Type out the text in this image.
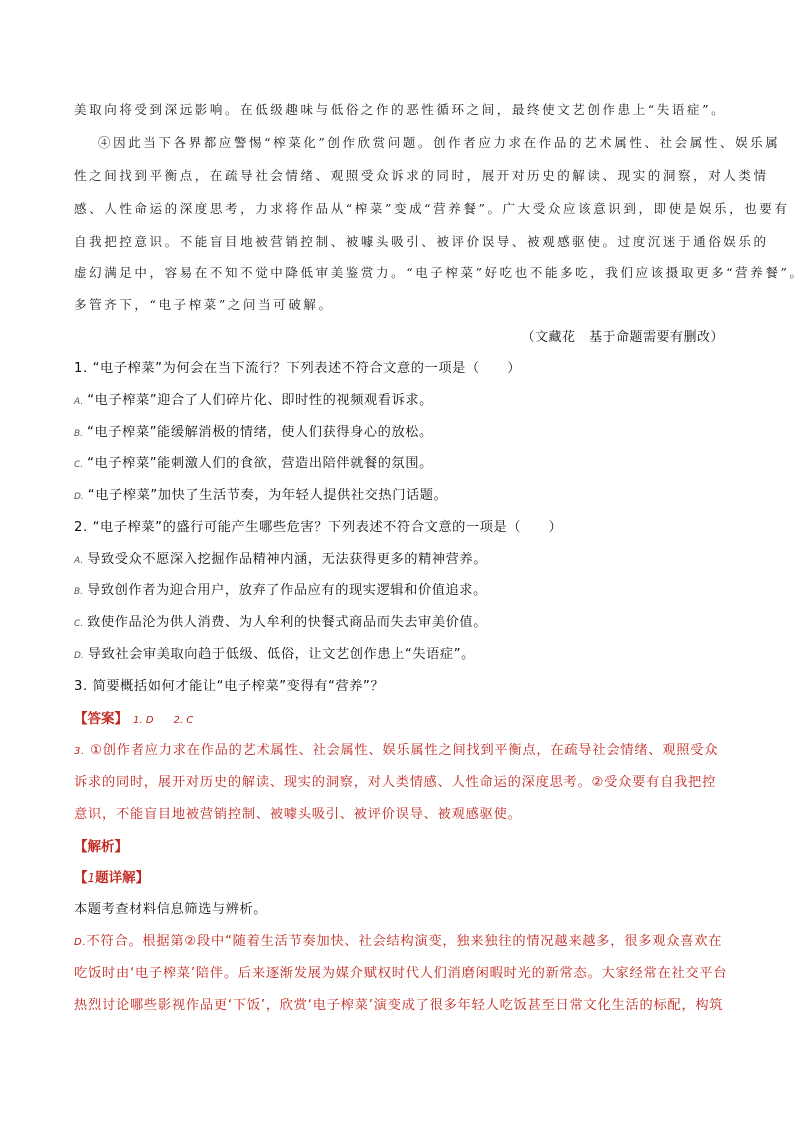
美取向将受到深远影响。在低级趣味与低俗之作的恶性循环之间，最终使文艺创作患上“失语症”。
④因此当下各界都应警惕“榨菜化”创作欣赏问题。创作者应力求在作品的艺术属性、社会属性、娱乐属
性之间找到平衡点，在疏导社会情绪、观照受众诉求的同时，展开对历史的解读、现实的洞察，对人类情
感、人性命运的深度思考，力求将作品从“榨菜”变成“营养餐”。广大受众应该意识到，即使是娱乐，也要有
自我把控意识。不能盲目地被营销控制、被噱头吸引、被评价误导、被观感驱使。过度沉迷于通俗娱乐的
虚幻满足中，容易在不知不觉中降低审美鉴赏力。“电子榨菜”好吃也不能多吃，我们应该摄取更多“营养餐”。
多管齐下，“电子榨菜”之问当可破解。
（文藏花　基于命题需要有删改）
1. “电子榨菜”为何会在当下流行？下列表述不符合文意的一项是（　　）
A. “电子榨菜”迎合了人们碎片化、即时性的视频观看诉求。
B. “电子榨菜”能缓解消极的情绪，使人们获得身心的放松。
C. “电子榨菜”能刺激人们的食欲，营造出陪伴就餐的氛围。
D. “电子榨菜”加快了生活节奏，为年轻人提供社交热门话题。
2. “电子榨菜”的盛行可能产生哪些危害？下列表述不符合文意的一项是（　　）
A. 导致受众不愿深入挖掘作品精神内涵，无法获得更多的精神营养。
B. 导致创作者为迎合用户，放弃了作品应有的现实逻辑和价值追求。
C. 致使作品沦为供人消费、为人牟利的快餐式商品而失去审美价值。
D. 导致社会审美取向趋于低级、低俗，让文艺创作患上“失语症”。
3. 简要概括如何才能让“电子榨菜”变得有“营养”？
【答案】 1. D　　2. C
3. ①创作者应力求在作品的艺术属性、社会属性、娱乐属性之间找到平衡点，在疏导社会情绪、观照受众
诉求的同时，展开对历史的解读、现实的洞察，对人类情感、人性命运的深度思考。②受众要有自我把控
意识，不能盲目地被营销控制、被噱头吸引、被评价误导、被观感驱使。
【解析】
【1题详解】
本题考查材料信息筛选与辨析。
D.不符合。根据第②段中“随着生活节奏加快、社会结构演变，独来独往的情况越来越多，很多观众喜欢在
吃饭时由‘电子榨菜’陪伴。后来逐渐发展为媒介赋权时代人们消磨闲暇时光的新常态。大家经常在社交平台
热烈讨论哪些影视作品更‘下饭’，欣赏‘电子榨菜’演变成了很多年轻人吃饭甚至日常文化生活的标配，构筑
